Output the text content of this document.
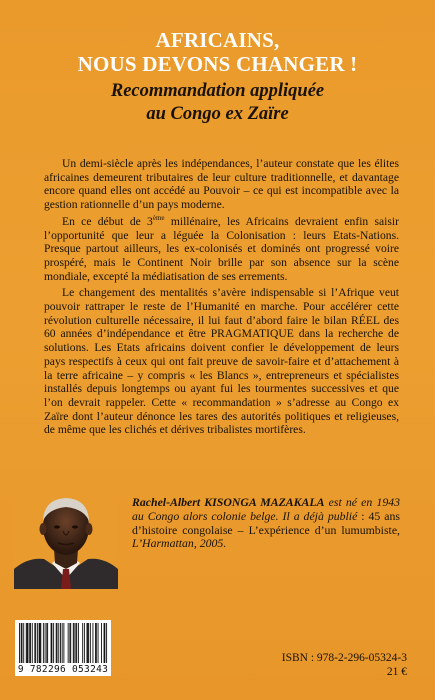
AFRICAINS,
NOUS DEVONS CHANGER !
Recommandation appliquée
au Congo ex Zaïre

Un demi-siècle après les indépendances, l’auteur constate que les élites africaines demeurent tributaires de leur culture traditionnelle, et davantage encore quand elles ont accédé au Pouvoir – ce qui est incompatible avec la gestion rationnelle d’un pays moderne.

En ce début de 3ème millénaire, les Africains devraient enfin saisir l’opportunité que leur a léguée la Colonisation : leurs Etats-Nations. Presque partout ailleurs, les ex-colonisés et dominés ont progressé voire prospéré, mais le Continent Noir brille par son absence sur la scène mondiale, excepté la médiatisation de ses errements.

Le changement des mentalités s’avère indispensable si l’Afrique veut pouvoir rattraper le reste de l’Humanité en marche. Pour accélérer cette révolution culturelle nécessaire, il lui faut d’abord faire le bilan RÉEL des 60 années d’indépendance et être PRAGMATIQUE dans la recherche de solutions. Les Etats africains doivent confier le développement de leurs pays respectifs à ceux qui ont fait preuve de savoir-faire et d’attachement à la terre africaine – y compris « les Blancs », entrepreneurs et spécialistes installés depuis longtemps ou ayant fui les tourmentes successives et que l’on devrait rappeler. Cette « recommandation » s’adresse au Congo ex Zaïre dont l’auteur dénonce les tares des autorités politiques et religieuses, de même que les clichés et dérives tribalistes mortifères.

Rachel-Albert KISONGA MAZAKALA est né en 1943 au Congo alors colonie belge. Il a déjà publié : 45 ans d’histoire congolaise – L’expérience d’un lumumbiste, L’Harmattan, 2005.
9 782296 053243
ISBN : 978-2-296-05324-3
21 €
